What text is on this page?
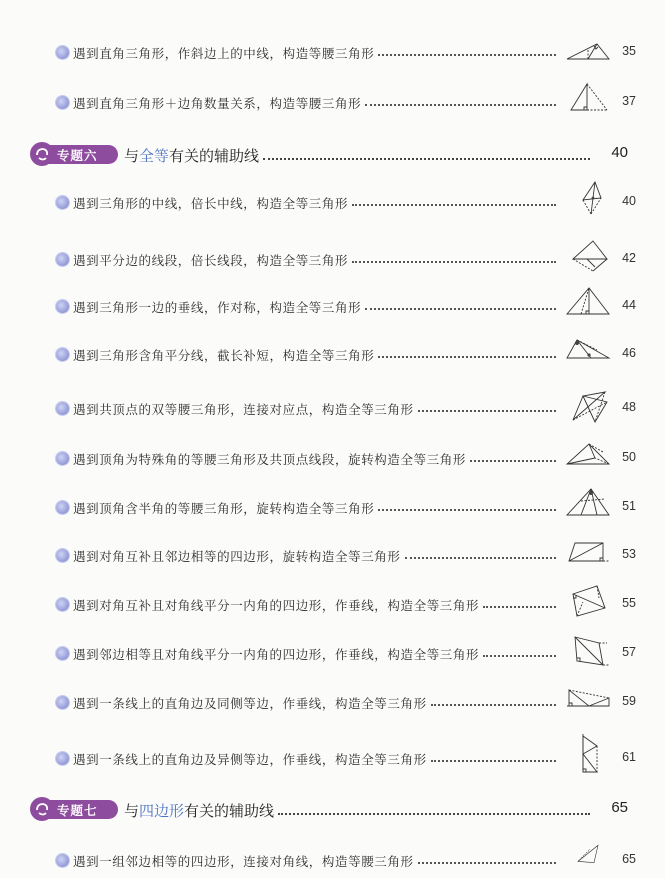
遇到直角三角形，作斜边上的中线，构造等腰三角形	35
遇到直角三角形＋边角数量关系，构造等腰三角形	37
专题六 与全等有关的辅助线	40
遇到三角形的中线，倍长中线，构造全等三角形	40
遇到平分边的线段，倍长线段，构造全等三角形	42
遇到三角形一边的垂线，作对称，构造全等三角形	44
遇到三角形含角平分线，截长补短，构造全等三角形	46
遇到共顶点的双等腰三角形，连接对应点，构造全等三角形	48
遇到顶角为特殊角的等腰三角形及共顶点线段，旋转构造全等三角形	50
遇到顶角含半角的等腰三角形，旋转构造全等三角形	51
遇到对角互补且邻边相等的四边形，旋转构造全等三角形	53
遇到对角互补且对角线平分一内角的四边形，作垂线，构造全等三角形	55
遇到邻边相等且对角线平分一内角的四边形，作垂线，构造全等三角形	57
遇到一条线上的直角边及同侧等边，作垂线，构造全等三角形	59
遇到一条线上的直角边及异侧等边，作垂线，构造全等三角形	61
专题七 与四边形有关的辅助线	65
遇到一组邻边相等的四边形，连接对角线，构造等腰三角形	65
